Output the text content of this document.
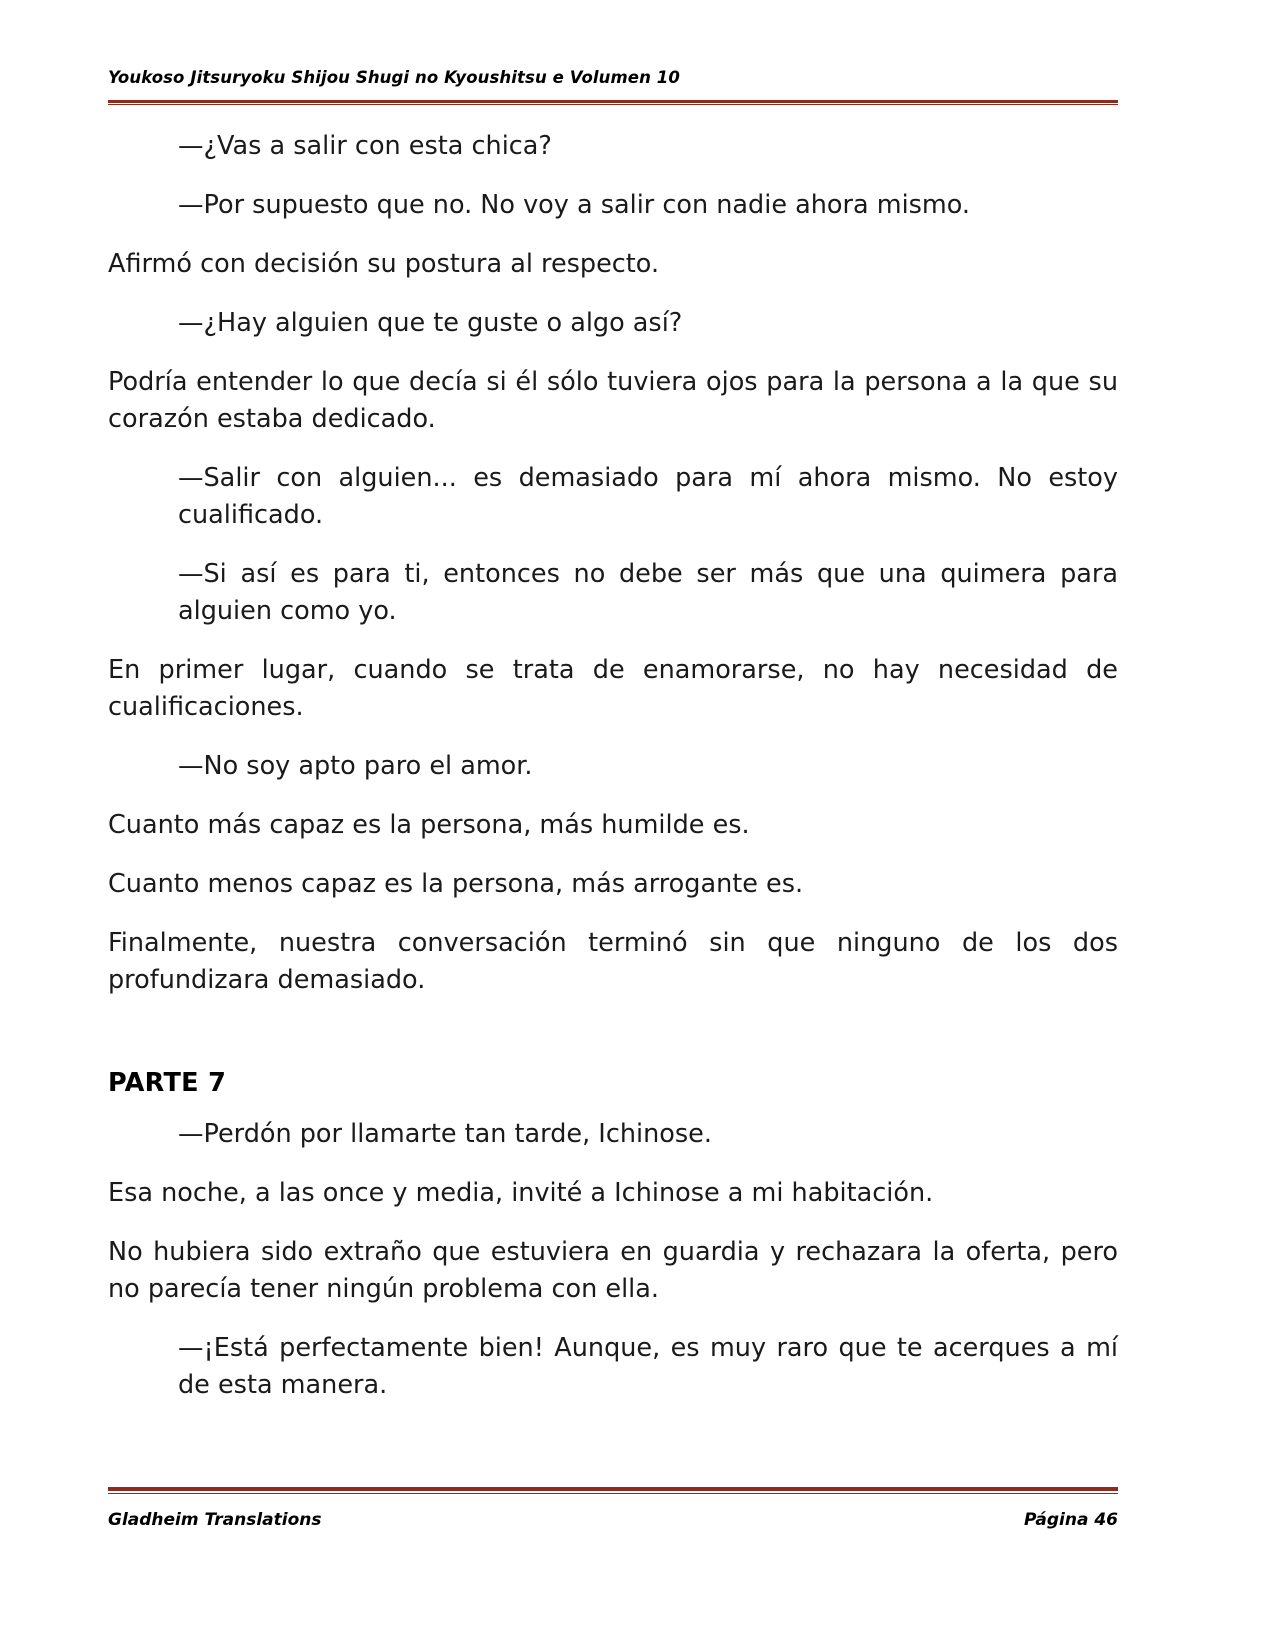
Youkoso Jitsuryoku Shijou Shugi no Kyoushitsu e Volumen 10

—¿Vas a salir con esta chica?

—Por supuesto que no. No voy a salir con nadie ahora mismo.

Afirmó con decisión su postura al respecto.

—¿Hay alguien que te guste o algo así?

Podría entender lo que decía si él sólo tuviera ojos para la persona a la que su corazón estaba dedicado.

—Salir con alguien... es demasiado para mí ahora mismo. No estoy cualificado.

—Si así es para ti, entonces no debe ser más que una quimera para alguien como yo.

En primer lugar, cuando se trata de enamorarse, no hay necesidad de cualificaciones.

—No soy apto paro el amor.

Cuanto más capaz es la persona, más humilde es.

Cuanto menos capaz es la persona, más arrogante es.

Finalmente, nuestra conversación terminó sin que ninguno de los dos profundizara demasiado.

PARTE 7

—Perdón por llamarte tan tarde, Ichinose.

Esa noche, a las once y media, invité a Ichinose a mi habitación.

No hubiera sido extraño que estuviera en guardia y rechazara la oferta, pero no parecía tener ningún problema con ella.

—¡Está perfectamente bien! Aunque, es muy raro que te acerques a mí de esta manera.

Gladheim Translations	Página 46
